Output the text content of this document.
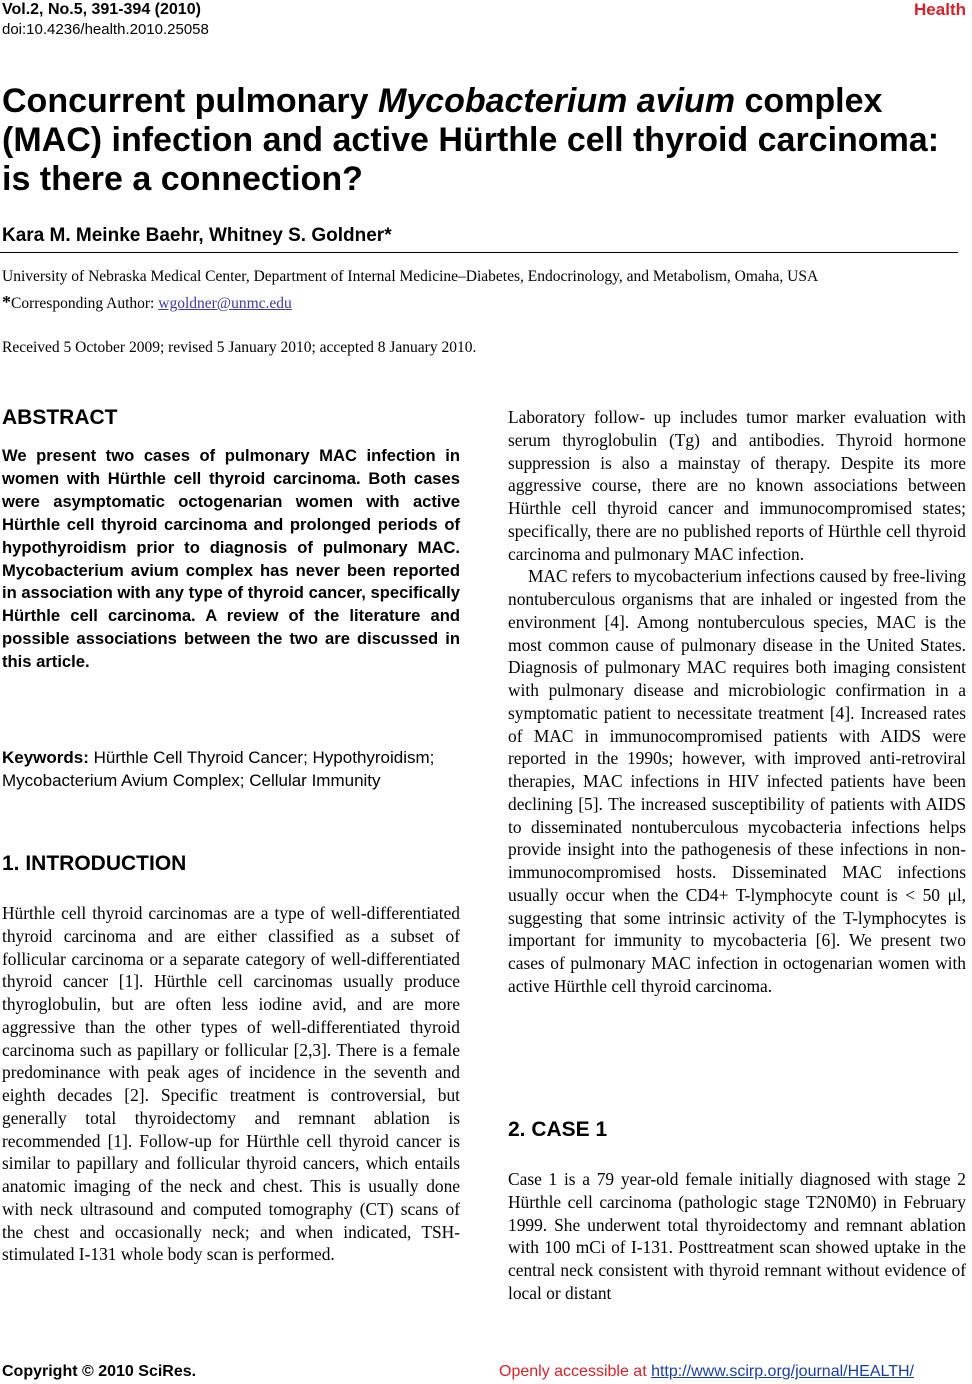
Vol.2, No.5, 391-394 (2010)
doi:10.4236/health.2010.25058
Health
Concurrent pulmonary Mycobacterium avium complex (MAC) infection and active Hürthle cell thyroid carcinoma: is there a connection?
Kara M. Meinke Baehr, Whitney S. Goldner*
University of Nebraska Medical Center, Department of Internal Medicine–Diabetes, Endocrinology, and Metabolism, Omaha, USA
*Corresponding Author: wgoldner@unmc.edu
Received 5 October 2009; revised 5 January 2010; accepted 8 January 2010.
ABSTRACT
We present two cases of pulmonary MAC infection in women with Hürthle cell thyroid carcinoma. Both cases were asymptomatic octogenarian women with active Hürthle cell thyroid carcinoma and prolonged periods of hypothyroidism prior to diagnosis of pulmonary MAC. Mycobacterium avium complex has never been reported in association with any type of thyroid cancer, specifically Hürthle cell carcinoma. A review of the literature and possible associations between the two are discussed in this article.
Keywords: Hürthle Cell Thyroid Cancer; Hypothyroidism; Mycobacterium Avium Complex; Cellular Immunity
1. INTRODUCTION

Hürthle cell thyroid carcinomas are a type of well-differentiated thyroid carcinoma and are either classified as a subset of follicular carcinoma or a separate category of well-differentiated thyroid cancer [1]. Hürthle cell carcinomas usually produce thyroglobulin, but are often less iodine avid, and are more aggressive than the other types of well-differentiated thyroid carcinoma such as papillary or follicular [2,3]. There is a female predominance with peak ages of incidence in the seventh and eighth decades [2]. Specific treatment is controversial, but generally total thyroidectomy and remnant ablation is recommended [1]. Follow-up for Hürthle cell thyroid cancer is similar to papillary and follicular thyroid cancers, which entails anatomic imaging of the neck and chest. This is usually done with neck ultrasound and computed tomography (CT) scans of the chest and occasionally neck; and when indicated, TSH-stimulated I-131 whole body scan is performed.

Laboratory follow- up includes tumor marker evaluation with serum thyroglobulin (Tg) and antibodies. Thyroid hormone suppression is also a mainstay of therapy. Despite its more aggressive course, there are no known associations between Hürthle cell thyroid cancer and immunocompromised states; specifically, there are no published reports of Hürthle cell thyroid carcinoma and pulmonary MAC infection.

MAC refers to mycobacterium infections caused by free-living nontuberculous organisms that are inhaled or ingested from the environment [4]. Among nontuberculous species, MAC is the most common cause of pulmonary disease in the United States. Diagnosis of pulmonary MAC requires both imaging consistent with pulmonary disease and microbiologic confirmation in a symptomatic patient to necessitate treatment [4]. Increased rates of MAC in immunocompromised patients with AIDS were reported in the 1990s; however, with improved anti-retroviral therapies, MAC infections in HIV infected patients have been declining [5]. The increased susceptibility of patients with AIDS to disseminated nontuberculous mycobacteria infections helps provide insight into the pathogenesis of these infections in non-immunocompromised hosts. Disseminated MAC infections usually occur when the CD4+ T-lymphocyte count is < 50 μl, suggesting that some intrinsic activity of the T-lymphocytes is important for immunity to mycobacteria [6]. We present two cases of pulmonary MAC infection in octogenarian women with active Hürthle cell thyroid carcinoma.

2. CASE 1

Case 1 is a 79 year-old female initially diagnosed with stage 2 Hürthle cell carcinoma (pathologic stage T2N0M0) in February 1999. She underwent total thyroidectomy and remnant ablation with 100 mCi of I-131. Posttreatment scan showed uptake in the central neck consistent with thyroid remnant without evidence of local or distant

Copyright © 2010 SciRes.	Openly accessible at http://www.scirp.org/journal/HEALTH/
